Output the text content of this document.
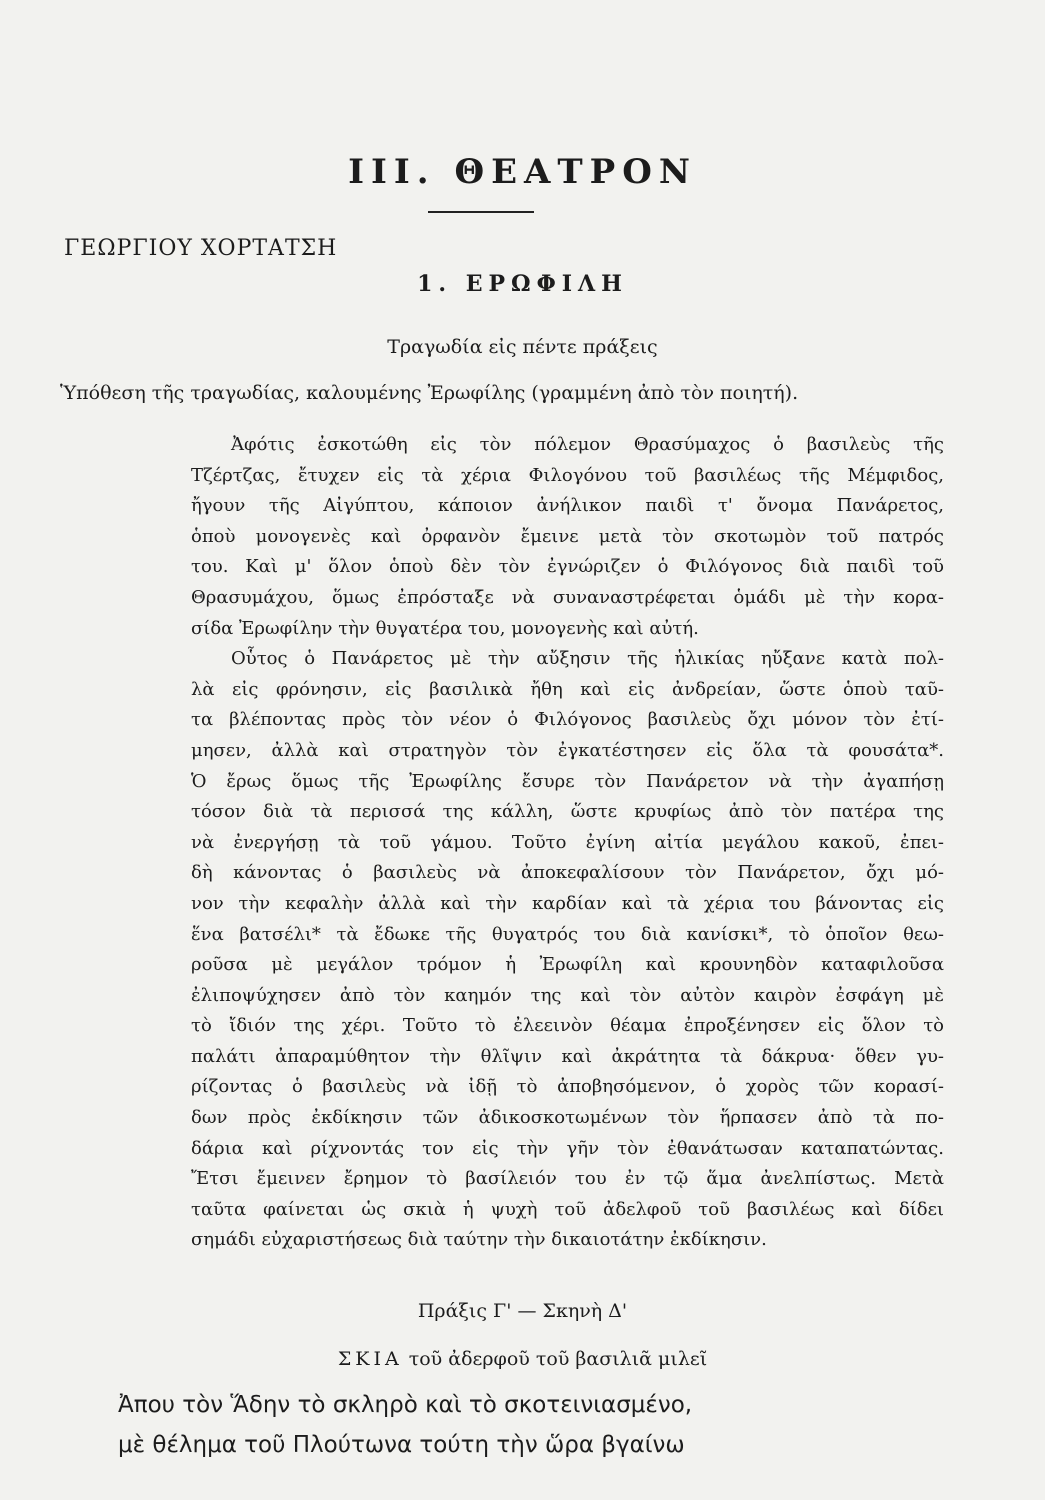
III. ΘΕΑΤΡΟΝ

ΓΕΩΡΓΙΟΥ ΧΟΡΤΑΤΣΗ

1. ΕΡΩΦΙΛΗ

Τραγωδία εἰς πέντε πράξεις

Ὑπόθεση τῆς τραγωδίας, καλουμένης Ἐρωφίλης (γραμμένη ἀπὸ τὸν ποιητή).

Ἀφότις ἐσκοτώθη εἰς τὸν πόλεμον Θρασύμαχος ὁ βασιλεὺς τῆς
Τζέρτζας, ἔτυχεν εἰς τὰ χέρια Φιλογόνου τοῦ βασιλέως τῆς Μέμφιδος,
ἤγουν τῆς Αἰγύπτου, κάποιον ἀνήλικον παιδὶ τ' ὄνομα Πανάρετος,
ὁποὺ μονογενὲς καὶ ὀρφανὸν ἔμεινε μετὰ τὸν σκοτωμὸν τοῦ πατρός
του. Καὶ μ' ὅλον ὁποὺ δὲν τὸν ἐγνώριζεν ὁ Φιλόγονος διὰ παιδὶ τοῦ
Θρασυμάχου, ὅμως ἐπρόσταξε νὰ συναναστρέφεται ὁμάδι μὲ τὴν κορα-
σίδα Ἐρωφίλην τὴν θυγατέρα του, μονογενὴς καὶ αὐτή.
Οὗτος ὁ Πανάρετος μὲ τὴν αὔξησιν τῆς ἡλικίας ηὔξανε κατὰ πολ-
λὰ εἰς φρόνησιν, εἰς βασιλικὰ ἤθη καὶ εἰς ἀνδρείαν, ὥστε ὁποὺ ταῦ-
τα βλέποντας πρὸς τὸν νέον ὁ Φιλόγονος βασιλεὺς ὄχι μόνον τὸν ἐτί-
μησεν, ἀλλὰ καὶ στρατηγὸν τὸν ἐγκατέστησεν εἰς ὅλα τὰ φουσάτα*.
Ὁ ἔρως ὅμως τῆς Ἐρωφίλης ἔσυρε τὸν Πανάρετον νὰ τὴν ἀγαπήσῃ
τόσον διὰ τὰ περισσά της κάλλη, ὥστε κρυφίως ἀπὸ τὸν πατέρα της
νὰ ἐνεργήσῃ τὰ τοῦ γάμου. Τοῦτο ἐγίνη αἰτία μεγάλου κακοῦ, ἐπει-
δὴ κάνοντας ὁ βασιλεὺς νὰ ἀποκεφαλίσουν τὸν Πανάρετον, ὄχι μό-
νον τὴν κεφαλὴν ἀλλὰ καὶ τὴν καρδίαν καὶ τὰ χέρια του βάνοντας εἰς
ἕνα βατσέλι* τὰ ἔδωκε τῆς θυγατρός του διὰ κανίσκι*, τὸ ὁποῖον θεω-
ροῦσα μὲ μεγάλον τρόμον ἡ Ἐρωφίλη καὶ κρουνηδὸν καταφιλοῦσα
ἐλιποψύχησεν ἀπὸ τὸν καημόν της καὶ τὸν αὐτὸν καιρὸν ἐσφάγη μὲ
τὸ ἴδιόν της χέρι. Τοῦτο τὸ ἐλεεινὸν θέαμα ἐπροξένησεν εἰς ὅλον τὸ
παλάτι ἀπαραμύθητον τὴν θλῖψιν καὶ ἀκράτητα τὰ δάκρυα· ὅθεν γυ-
ρίζοντας ὁ βασιλεὺς νὰ ἰδῇ τὸ ἀποβησόμενον, ὁ χορὸς τῶν κορασί-
δων πρὸς ἐκδίκησιν τῶν ἀδικοσκοτωμένων τὸν ἥρπασεν ἀπὸ τὰ πο-
δάρια καὶ ρίχνοντάς τον εἰς τὴν γῆν τὸν ἐθανάτωσαν καταπατώντας.
Ἔτσι ἔμεινεν ἔρημον τὸ βασίλειόν του ἐν τῷ ἅμα ἀνελπίστως. Μετὰ
ταῦτα φαίνεται ὡς σκιὰ ἡ ψυχὴ τοῦ ἀδελφοῦ τοῦ βασιλέως καὶ δίδει
σημάδι εὐχαριστήσεως διὰ ταύτην τὴν δικαιοτάτην ἐκδίκησιν.

Πράξις Γ' — Σκηνὴ Δ'

ΣΚΙΑ τοῦ ἀδερφοῦ τοῦ βασιλιᾶ μιλεῖ

Ἀπου τὸν Ἅδην τὸ σκληρὸ καὶ τὸ σκοτεινιασμένο,

μὲ θέλημα τοῦ Πλούτωνα τούτη τὴν ὥρα βγαίνω
